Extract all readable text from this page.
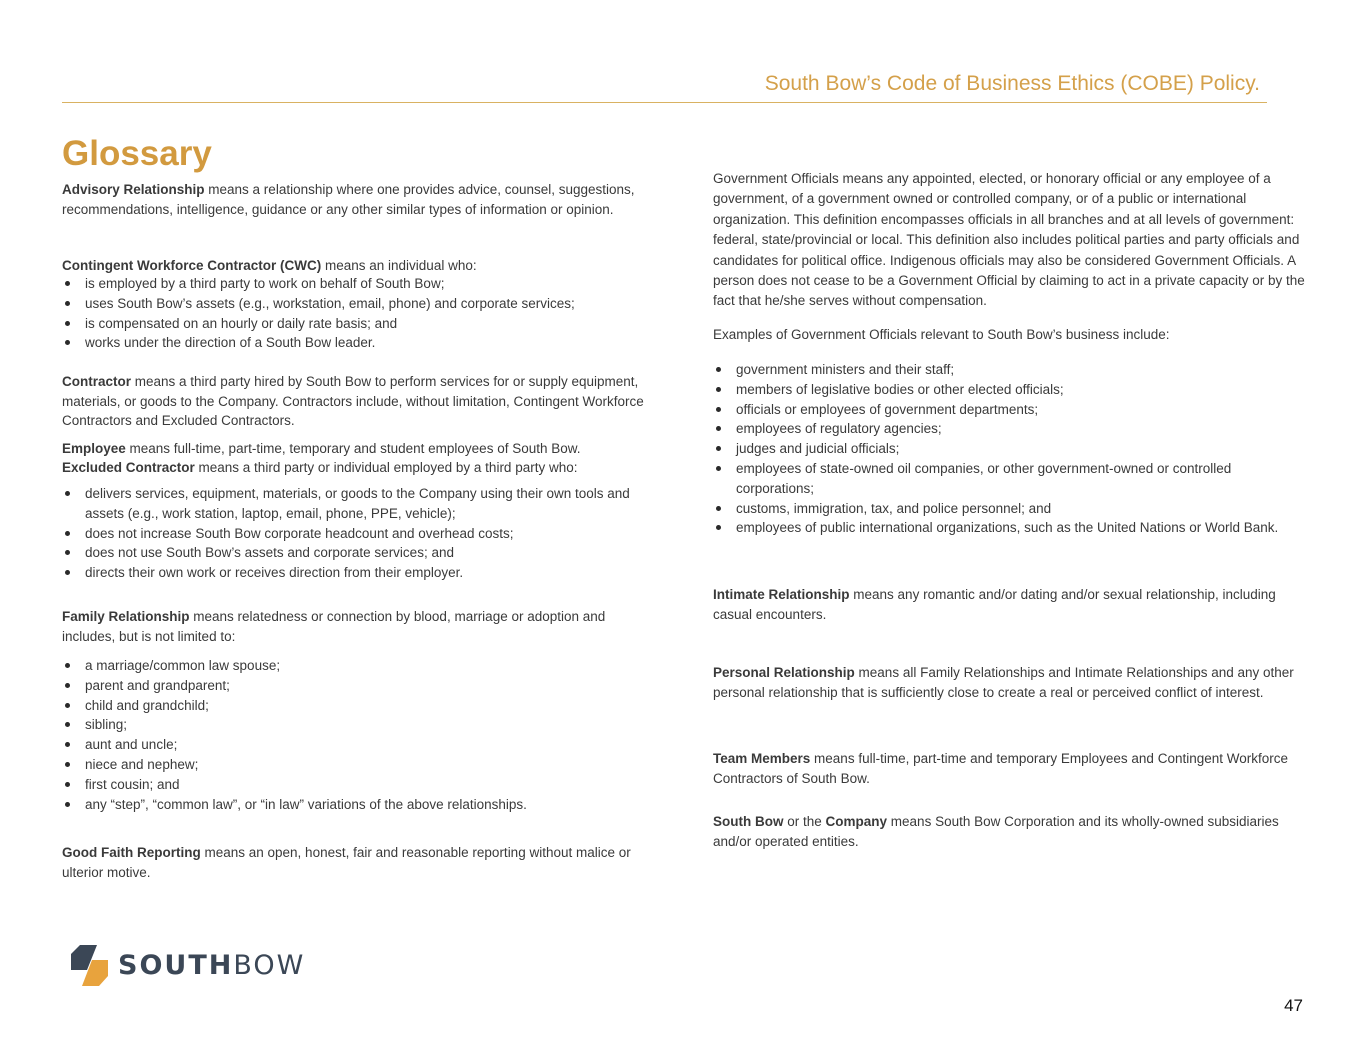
South Bow’s Code of Business Ethics (COBE) Policy.
Glossary

Advisory Relationship means a relationship where one provides advice, counsel, suggestions, recommendations, intelligence, guidance or any other similar types of information or opinion.

Contingent Workforce Contractor (CWC) means an individual who:

is employed by a third party to work on behalf of South Bow;
uses South Bow’s assets (e.g., workstation, email, phone) and corporate services;
is compensated on an hourly or daily rate basis; and
works under the direction of a South Bow leader.

Contractor means a third party hired by South Bow to perform services for or supply equipment, materials, or goods to the Company. Contractors include, without limitation, Contingent Workforce Contractors and Excluded Contractors.

Employee means full-time, part-time, temporary and student employees of South Bow.

Excluded Contractor means a third party or individual employed by a third party who:

delivers services, equipment, materials, or goods to the Company using their own tools and assets (e.g., work station, laptop, email, phone, PPE, vehicle);
does not increase South Bow corporate headcount and overhead costs;
does not use South Bow’s assets and corporate services; and
directs their own work or receives direction from their employer.

Family Relationship means relatedness or connection by blood, marriage or adoption and includes, but is not limited to:

a marriage/common law spouse;
parent and grandparent;
child and grandchild;
sibling;
aunt and uncle;
niece and nephew;
first cousin; and
any “step”, “common law”, or “in law” variations of the above relationships.

Good Faith Reporting means an open, honest, fair and reasonable reporting without malice or ulterior motive.

Government Officials means any appointed, elected, or honorary official or any employee of a government, of a government owned or controlled company, or of a public or international organization. This definition encompasses officials in all branches and at all levels of government: federal, state/provincial or local. This definition also includes political parties and party officials and candidates for political office. Indigenous officials may also be considered Government Officials. A person does not cease to be a Government Official by claiming to act in a private capacity or by the fact that he/she serves without compensation.

Examples of Government Officials relevant to South Bow’s business include:

government ministers and their staff;
members of legislative bodies or other elected officials;
officials or employees of government departments;
employees of regulatory agencies;
judges and judicial officials;
employees of state-owned oil companies, or other government-owned or controlled corporations;
customs, immigration, tax, and police personnel; and
employees of public international organizations, such as the United Nations or World Bank.

Intimate Relationship means any romantic and/or dating and/or sexual relationship, including casual encounters.

Personal Relationship means all Family Relationships and Intimate Relationships and any other personal relationship that is sufficiently close to create a real or perceived conflict of interest.

Team Members means full-time, part-time and temporary Employees and Contingent Workforce Contractors of South Bow.

South Bow or the Company means South Bow Corporation and its wholly-owned subsidiaries and/or operated entities.

SOUTHBOW
47
